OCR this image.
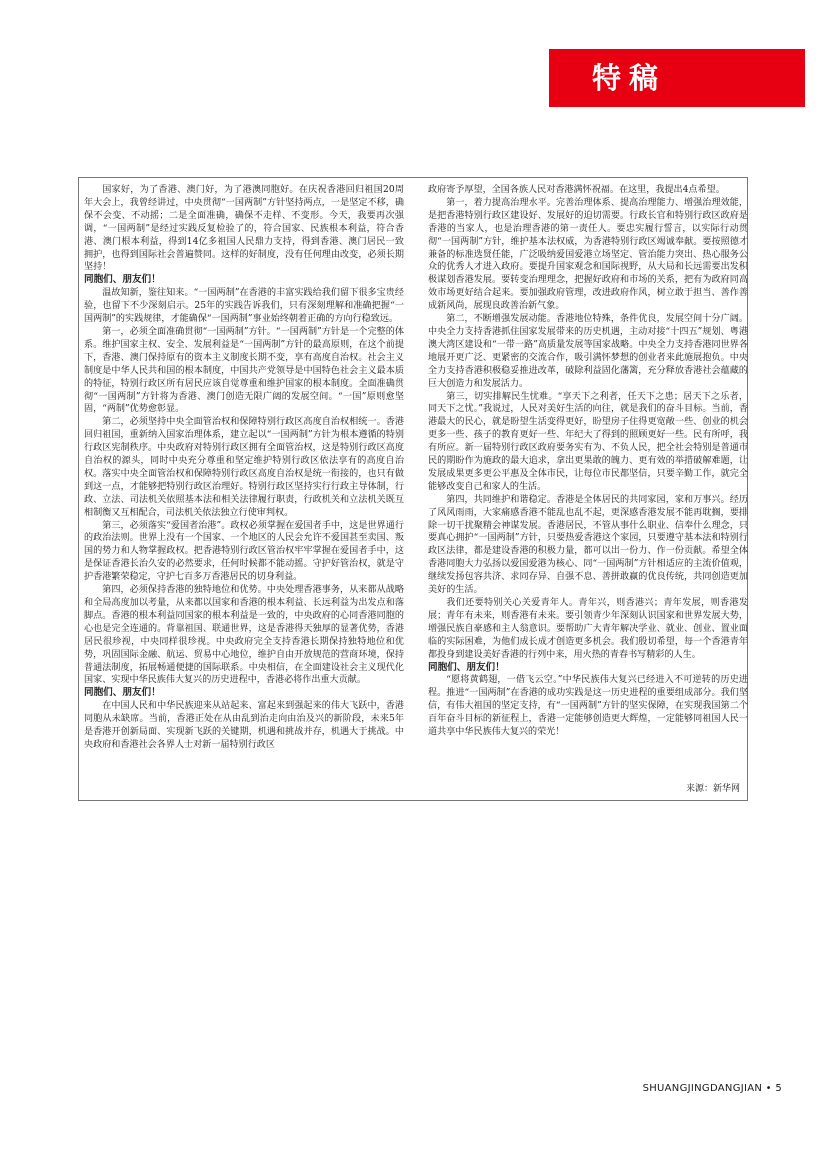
特稿

国家好，为了香港、澳门好，为了港澳同胞好。在庆祝香港回归祖国20周年大会上，我曾经讲过，中央贯彻“一国两制”方针坚持两点，一是坚定不移，确保不会变、不动摇；二是全面准确，确保不走样、不变形。今天，我要再次强调，“一国两制”是经过实践反复检验了的，符合国家、民族根本利益，符合香港、澳门根本利益，得到14亿多祖国人民鼎力支持，得到香港、澳门居民一致拥护，也得到国际社会普遍赞同。这样的好制度，没有任何理由改变，必须长期坚持！

同胞们、朋友们！

温故知新，鉴往知来。“一国两制”在香港的丰富实践给我们留下很多宝贵经验，也留下不少深刻启示。25年的实践告诉我们，只有深刻理解和准确把握“一国两制”的实践规律，才能确保“一国两制”事业始终朝着正确的方向行稳致远。

第一，必须全面准确贯彻“一国两制”方针。“一国两制”方针是一个完整的体系。维护国家主权、安全、发展利益是“一国两制”方针的最高原则，在这个前提下，香港、澳门保持原有的资本主义制度长期不变，享有高度自治权。社会主义制度是中华人民共和国的根本制度，中国共产党领导是中国特色社会主义最本质的特征，特别行政区所有居民应该自觉尊重和维护国家的根本制度。全面准确贯彻“一国两制”方针将为香港、澳门创造无限广阔的发展空间。“一国”原则愈坚固，“两制”优势愈彰显。

第二，必须坚持中央全面管治权和保障特别行政区高度自治权相统一。香港回归祖国，重新纳入国家治理体系，建立起以“一国两制”方针为根本遵循的特别行政区宪制秩序。中央政府对特别行政区拥有全面管治权，这是特别行政区高度自治权的源头，同时中央充分尊重和坚定维护特别行政区依法享有的高度自治权。落实中央全面管治权和保障特别行政区高度自治权是统一衔接的，也只有做到这一点，才能够把特别行政区治理好。特别行政区坚持实行行政主导体制，行政、立法、司法机关依照基本法和相关法律履行职责，行政机关和立法机关既互相制衡又互相配合，司法机关依法独立行使审判权。

第三，必须落实“爱国者治港”。政权必须掌握在爱国者手中，这是世界通行的政治法则。世界上没有一个国家、一个地区的人民会允许不爱国甚至卖国、叛国的势力和人物掌握政权。把香港特别行政区管治权牢牢掌握在爱国者手中，这是保证香港长治久安的必然要求，任何时候都不能动摇。守护好管治权，就是守护香港繁荣稳定，守护七百多万香港居民的切身利益。

第四，必须保持香港的独特地位和优势。中央处理香港事务，从来都从战略和全局高度加以考量，从来都以国家和香港的根本利益、长远利益为出发点和落脚点。香港的根本利益同国家的根本利益是一致的，中央政府的心同香港同胞的心也是完全连通的。背靠祖国、联通世界，这是香港得天独厚的显著优势，香港居民很珍视，中央同样很珍视。中央政府完全支持香港长期保持独特地位和优势，巩固国际金融、航运、贸易中心地位，维护自由开放规范的营商环境，保持普通法制度，拓展畅通便捷的国际联系。中央相信，在全面建设社会主义现代化国家、实现中华民族伟大复兴的历史进程中，香港必将作出重大贡献。

同胞们、朋友们！

在中国人民和中华民族迎来从站起来、富起来到强起来的伟大飞跃中，香港同胞从未缺席。当前，香港正处在从由乱到治走向由治及兴的新阶段，未来5年是香港开创新局面、实现新飞跃的关键期，机遇和挑战并存，机遇大于挑战。中央政府和香港社会各界人士对新一届特别行政区

政府寄予厚望，全国各族人民对香港满怀祝福。在这里，我提出4点希望。

第一，着力提高治理水平。完善治理体系、提高治理能力、增强治理效能，是把香港特别行政区建设好、发展好的迫切需要。行政长官和特别行政区政府是香港的当家人，也是治理香港的第一责任人。要忠实履行誓言，以实际行动贯彻“一国两制”方针，维护基本法权威，为香港特别行政区竭诚奉献。要按照德才兼备的标准选贤任能，广泛吸纳爱国爱港立场坚定、管治能力突出、热心服务公众的优秀人才进入政府。要提升国家观念和国际视野，从大局和长远需要出发积极谋划香港发展。要转变治理理念，把握好政府和市场的关系，把有为政府同高效市场更好结合起来。要加强政府管理，改进政府作风，树立敢于担当、善作善成新风尚，展现良政善治新气象。

第二，不断增强发展动能。香港地位特殊，条件优良，发展空间十分广阔。中央全力支持香港抓住国家发展带来的历史机遇，主动对接“十四五”规划、粤港澳大湾区建设和“一带一路”高质量发展等国家战略。中央全力支持香港同世界各地展开更广泛、更紧密的交流合作，吸引满怀梦想的创业者来此施展抱负。中央全力支持香港积极稳妥推进改革，破除利益固化藩篱，充分释放香港社会蕴藏的巨大创造力和发展活力。

第三，切实排解民生忧难。“享天下之利者，任天下之患；居天下之乐者，同天下之忧。”我说过，人民对美好生活的向往，就是我们的奋斗目标。当前，香港最大的民心，就是盼望生活变得更好，盼望房子住得更宽敞一些、创业的机会更多一些、孩子的教育更好一些、年纪大了得到的照顾更好一些。民有所呼，我有所应。新一届特别行政区政府要务实有为、不负人民，把全社会特别是普通市民的期盼作为施政的最大追求，拿出更果敢的魄力、更有效的举措破解难题，让发展成果更多更公平惠及全体市民，让每位市民都坚信，只要辛勤工作，就完全能够改变自己和家人的生活。

第四，共同维护和谐稳定。香港是全体居民的共同家园，家和万事兴。经历了风风雨雨，大家痛感香港不能乱也乱不起，更深感香港发展不能再耽搁，要排除一切干扰聚精会神谋发展。香港居民，不管从事什么职业、信奉什么理念，只要真心拥护“一国两制”方针，只要热爱香港这个家园，只要遵守基本法和特别行政区法律，都是建设香港的积极力量，都可以出一份力、作一份贡献。希望全体香港同胞大力弘扬以爱国爱港为核心、同“一国两制”方针相适应的主流价值观，继续发扬包容共济、求同存异、自强不息、善拼敢赢的优良传统，共同创造更加美好的生活。

我们还要特别关心关爱青年人。青年兴，则香港兴；青年发展，则香港发展；青年有未来，则香港有未来。要引领青少年深刻认识国家和世界发展大势，增强民族自豪感和主人翁意识。要帮助广大青年解决学业、就业、创业、置业面临的实际困难，为他们成长成才创造更多机会。我们殷切希望，每一个香港青年都投身到建设美好香港的行列中来，用火热的青春书写精彩的人生。

同胞们、朋友们！

“愿将黄鹤翅，一借飞云空。”中华民族伟大复兴已经进入不可逆转的历史进程。推进“一国两制”在香港的成功实践是这一历史进程的重要组成部分。我们坚信，有伟大祖国的坚定支持，有“一国两制”方针的坚实保障，在实现我国第二个百年奋斗目标的新征程上，香港一定能够创造更大辉煌，一定能够同祖国人民一道共享中华民族伟大复兴的荣光！

来源：新华网
SHUANGJINGDANGJIAN • 5
